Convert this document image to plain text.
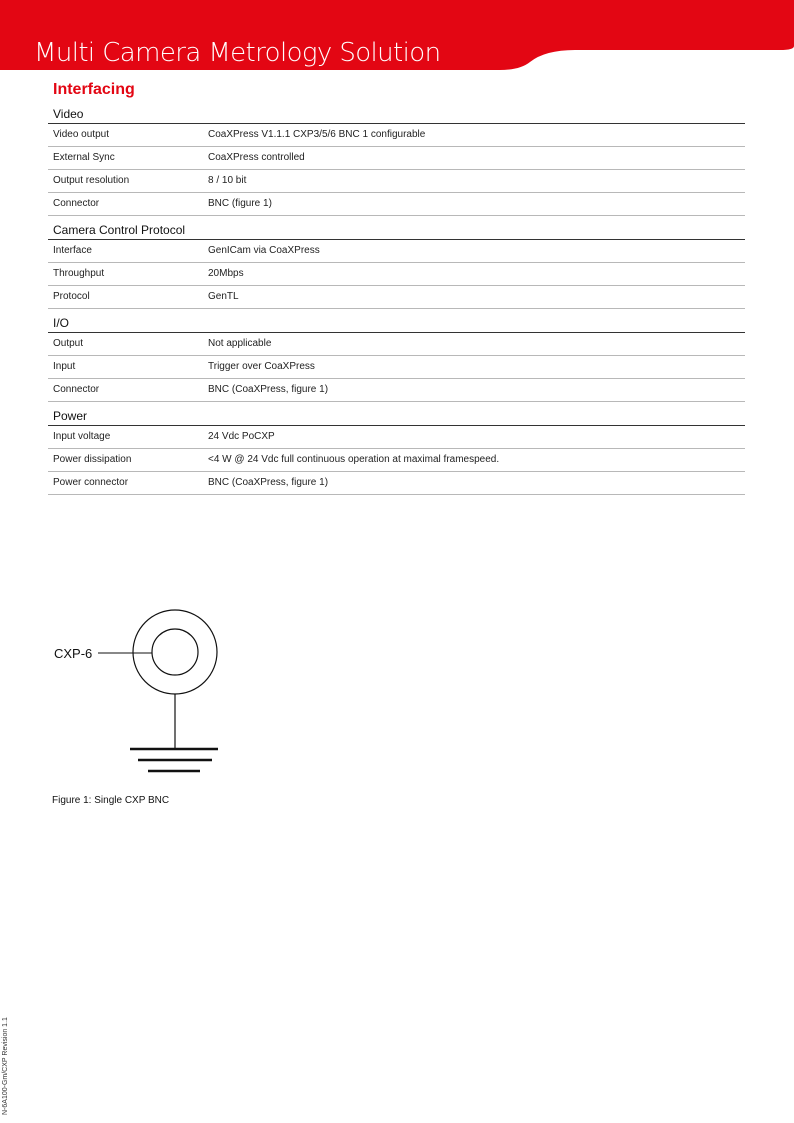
Multi Camera Metrology Solution
Interfacing
Video
Video output	CoaXPress V1.1.1 CXP3/5/6 BNC 1 configurable
External Sync	CoaXPress controlled
Output resolution	8 / 10 bit
Connector	BNC (figure 1)
Camera Control Protocol
Interface	GenICam via CoaXPress
Throughput	20Mbps
Protocol	GenTL
I/O
Output	Not applicable
Input	Trigger over CoaXPress
Connector	BNC (CoaXPress, figure 1)
Power
Input voltage	24 Vdc PoCXP
Power dissipation	<4 W @ 24 Vdc full continuous operation at maximal framespeed.
Power connector	BNC (CoaXPress, figure 1)
CXP-6
Figure 1: Single CXP BNC
N-6A100-Gm/CXP Revision 1.1
